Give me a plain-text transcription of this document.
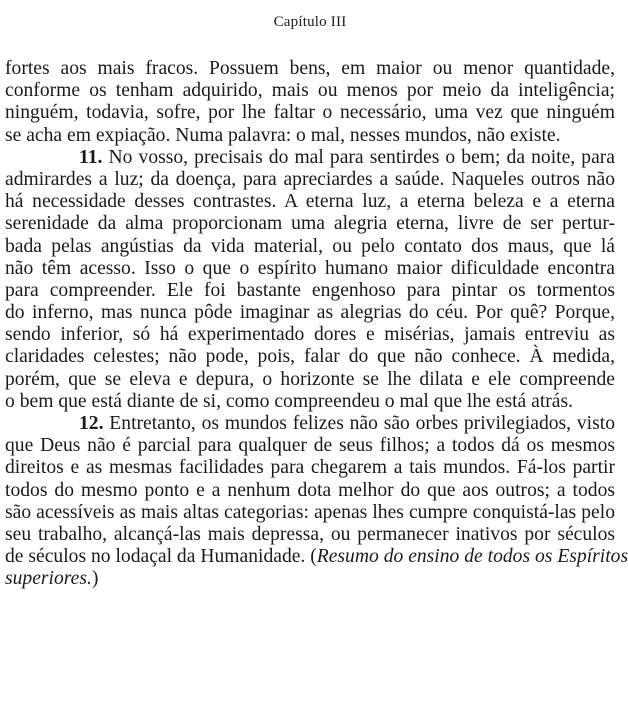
Capítulo III
fortes aos mais fracos. Possuem bens, em maior ou menor quantidade,
conforme os tenham adquirido, mais ou menos por meio da inteligência;
ninguém, todavia, sofre, por lhe faltar o necessário, uma vez que ninguém
se acha em expiação. Numa palavra: o mal, nesses mundos, não existe.
11. No vosso, precisais do mal para sentirdes o bem; da noite, para
admirardes a luz; da doença, para apreciardes a saúde. Naqueles outros não
há necessidade desses contrastes. A eterna luz, a eterna beleza e a eterna
serenidade da alma proporcionam uma alegria eterna, livre de ser pertur-
bada pelas angústias da vida material, ou pelo contato dos maus, que lá
não têm acesso. Isso o que o espírito humano maior dificuldade encontra
para compreender. Ele foi bastante engenhoso para pintar os tormentos
do inferno, mas nunca pôde imaginar as alegrias do céu. Por quê? Porque,
sendo inferior, só há experimentado dores e misérias, jamais entreviu as
claridades celestes; não pode, pois, falar do que não conhece. À medida,
porém, que se eleva e depura, o horizonte se lhe dilata e ele compreende
o bem que está diante de si, como compreendeu o mal que lhe está atrás.
12. Entretanto, os mundos felizes não são orbes privilegiados, visto
que Deus não é parcial para qualquer de seus filhos; a todos dá os mesmos
direitos e as mesmas facilidades para chegarem a tais mundos. Fá-los partir
todos do mesmo ponto e a nenhum dota melhor do que aos outros; a todos
são acessíveis as mais altas categorias: apenas lhes cumpre conquistá-las pelo
seu trabalho, alcançá-las mais depressa, ou permanecer inativos por séculos
de séculos no lodaçal da Humanidade. (Resumo do ensino de todos os Espíritos
superiores.)
